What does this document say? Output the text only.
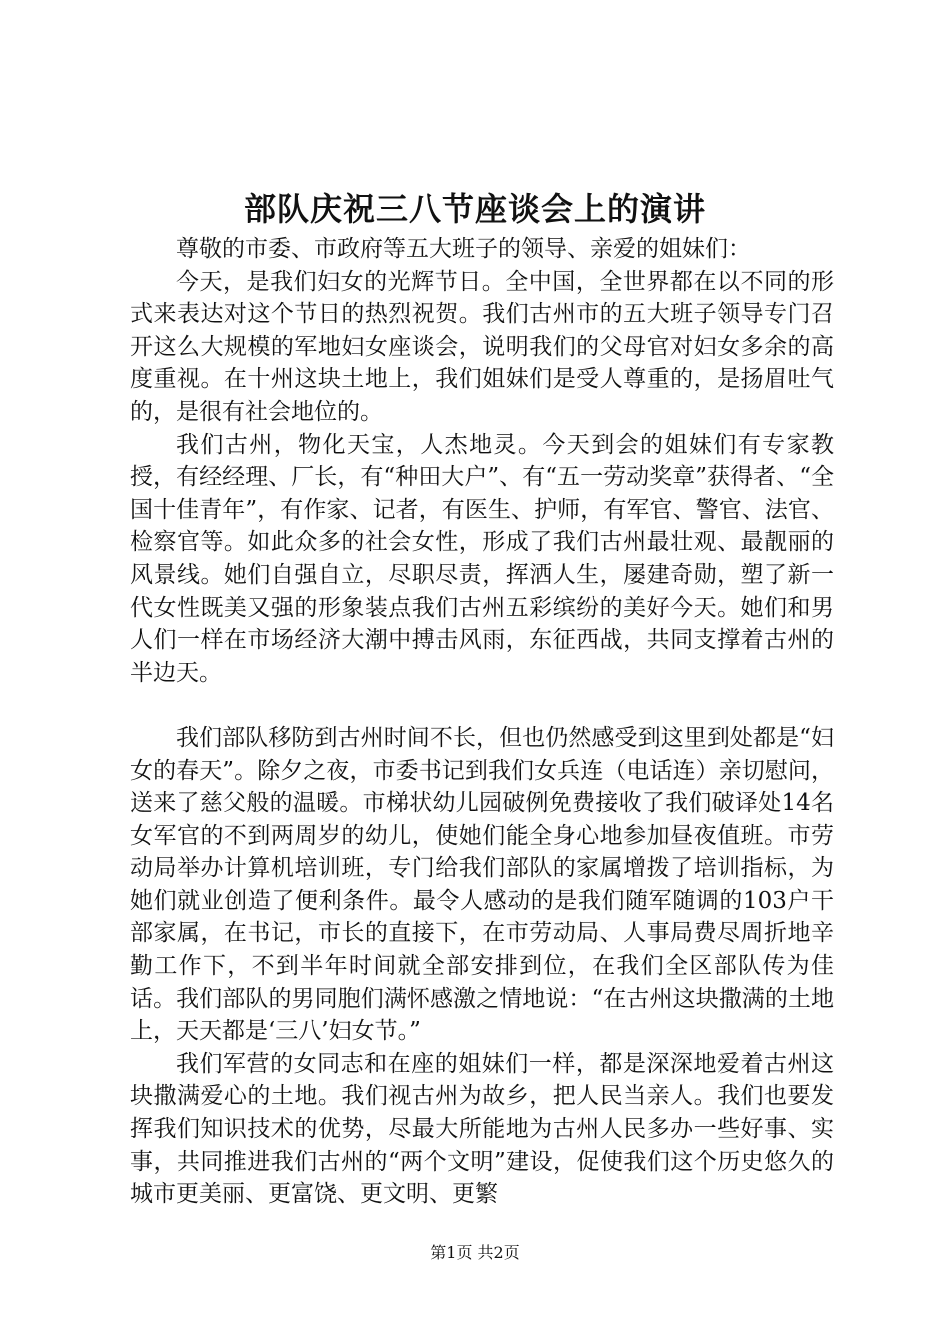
部队庆祝三八节座谈会上的演讲

尊敬的市委、市政府等五大班子的领导、亲爱的姐妹们：

今天，是我们妇女的光辉节日。全中国，全世界都在以不同的形式来表达对这个节日的热烈祝贺。我们古州市的五大班子领导专门召开这么大规模的军地妇女座谈会，说明我们的父母官对妇女多余的高度重视。在十州这块土地上，我们姐妹们是受人尊重的，是扬眉吐气的，是很有社会地位的。

我们古州，物化天宝，人杰地灵。今天到会的姐妹们有专家教授，有经经理、厂长，有“种田大户”、有“五一劳动奖章”获得者、“全国十佳青年”，有作家、记者，有医生、护师，有军官、警官、法官、检察官等。如此众多的社会女性，形成了我们古州最壮观、最靓丽的风景线。她们自强自立，尽职尽责，挥洒人生，屡建奇勋，塑了新一代女性既美又强的形象装点我们古州五彩缤纷的美好今天。她们和男人们一样在市场经济大潮中搏击风雨，东征西战，共同支撑着古州的半边天。

我们部队移防到古州时间不长，但也仍然感受到这里到处都是“妇女的春天”。除夕之夜，市委书记到我们女兵连（电话连）亲切慰问，送来了慈父般的温暖。市梯状幼儿园破例免费接收了我们破译处14名女军官的不到两周岁的幼儿，使她们能全身心地参加昼夜值班。市劳动局举办计算机培训班，专门给我们部队的家属增拨了培训指标，为她们就业创造了便利条件。最令人感动的是我们随军随调的103户干部家属，在书记，市长的直接下，在市劳动局、人事局费尽周折地辛勤工作下，不到半年时间就全部安排到位，在我们全区部队传为佳话。我们部队的男同胞们满怀感激之情地说：“在古州这块撒满的土地上，天天都是‘三八’妇女节。”

我们军营的女同志和在座的姐妹们一样，都是深深地爱着古州这块撒满爱心的土地。我们视古州为故乡，把人民当亲人。我们也要发挥我们知识技术的优势，尽最大所能地为古州人民多办一些好事、实事，共同推进我们古州的“两个文明”建设，促使我们这个历史悠久的城市更美丽、更富饶、更文明、更繁

第1页 共2页
